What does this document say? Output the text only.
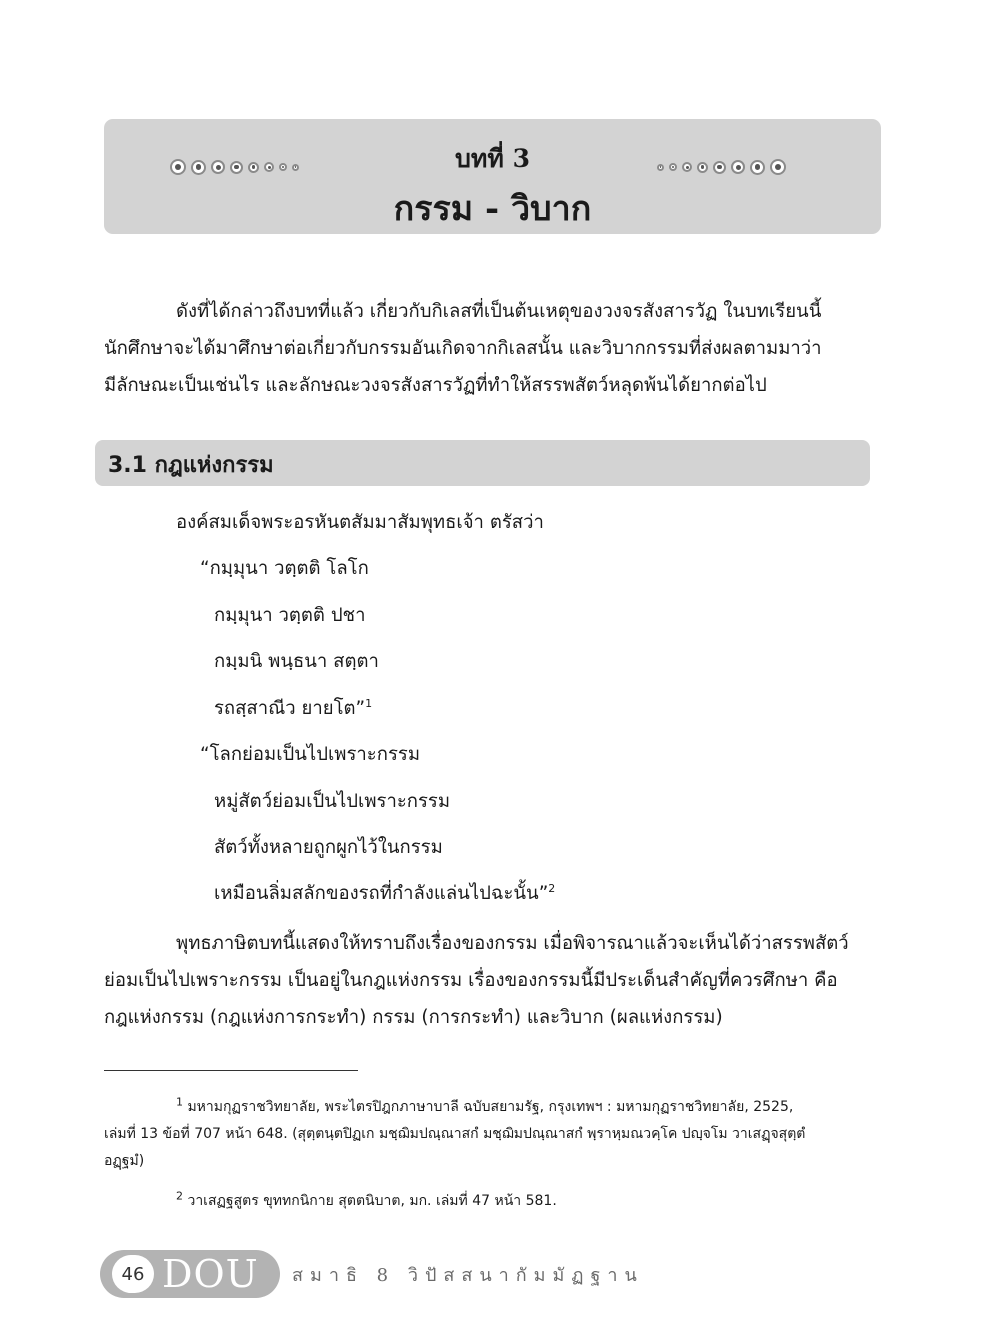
บทที่ 3
กรรม - วิบาก
ดังที่ได้กล่าวถึงบทที่แล้ว เกี่ยวกับกิเลสที่เป็นต้นเหตุของวงจรสังสารวัฏ ในบทเรียนนี้
นักศึกษาจะได้มาศึกษาต่อเกี่ยวกับกรรมอันเกิดจากกิเลสนั้น และวิบากกรรมที่ส่งผลตามมาว่า
มีลักษณะเป็นเช่นไร และลักษณะวงจรสังสารวัฏที่ทำให้สรรพสัตว์หลุดพ้นได้ยากต่อไป
3.1 กฎแห่งกรรม
องค์สมเด็จพระอรหันตสัมมาสัมพุทธเจ้า ตรัสว่า
“กมฺมุนา วตฺตติ โลโก
กมฺมุนา วตฺตติ ปชา
กมฺมนิ พนฺธนา สตฺตา
รถสฺสาณีว ยายโต”$^1$
“โลกย่อมเป็นไปเพราะกรรม
หมู่สัตว์ย่อมเป็นไปเพราะกรรม
สัตว์ทั้งหลายถูกผูกไว้ในกรรม
เหมือนลิ่มสลักของรถที่กำลังแล่นไปฉะนั้น”$^2$
พุทธภาษิตบทนี้แสดงให้ทราบถึงเรื่องของกรรม เมื่อพิจารณาแล้วจะเห็นได้ว่าสรรพสัตว์
ย่อมเป็นไปเพราะกรรม เป็นอยู่ในกฎแห่งกรรม เรื่องของกรรมนี้มีประเด็นสำคัญที่ควรศึกษา คือ
กฎแห่งกรรม (กฎแห่งการกระทำ) กรรม (การกระทำ) และวิบาก (ผลแห่งกรรม)
$^1$ มหามกุฏราชวิทยาลัย, พระไตรปิฎกภาษาบาลี ฉบับสยามรัฐ, กรุงเทพฯ : มหามกุฏราชวิทยาลัย, 2525,
เล่มที่ 13 ข้อที่ 707 หน้า 648. (สุตฺตนฺตปิฏเก มชฺฌิมปณฺณาสกํ มชฺฌิมปณฺณาสกํ พฺราหฺมณวคฺโค ปญฺจโม วาเสฏฺจสุตฺตํ
อฏฺฐมํ)
$^2$ วาเสฏฐสูตร ขุททกนิกาย สุตตนิบาต, มก. เล่มที่ 47 หน้า 581.
46 DOU สมาธิ 8 วิปัสสนากัมมัฏฐาน
